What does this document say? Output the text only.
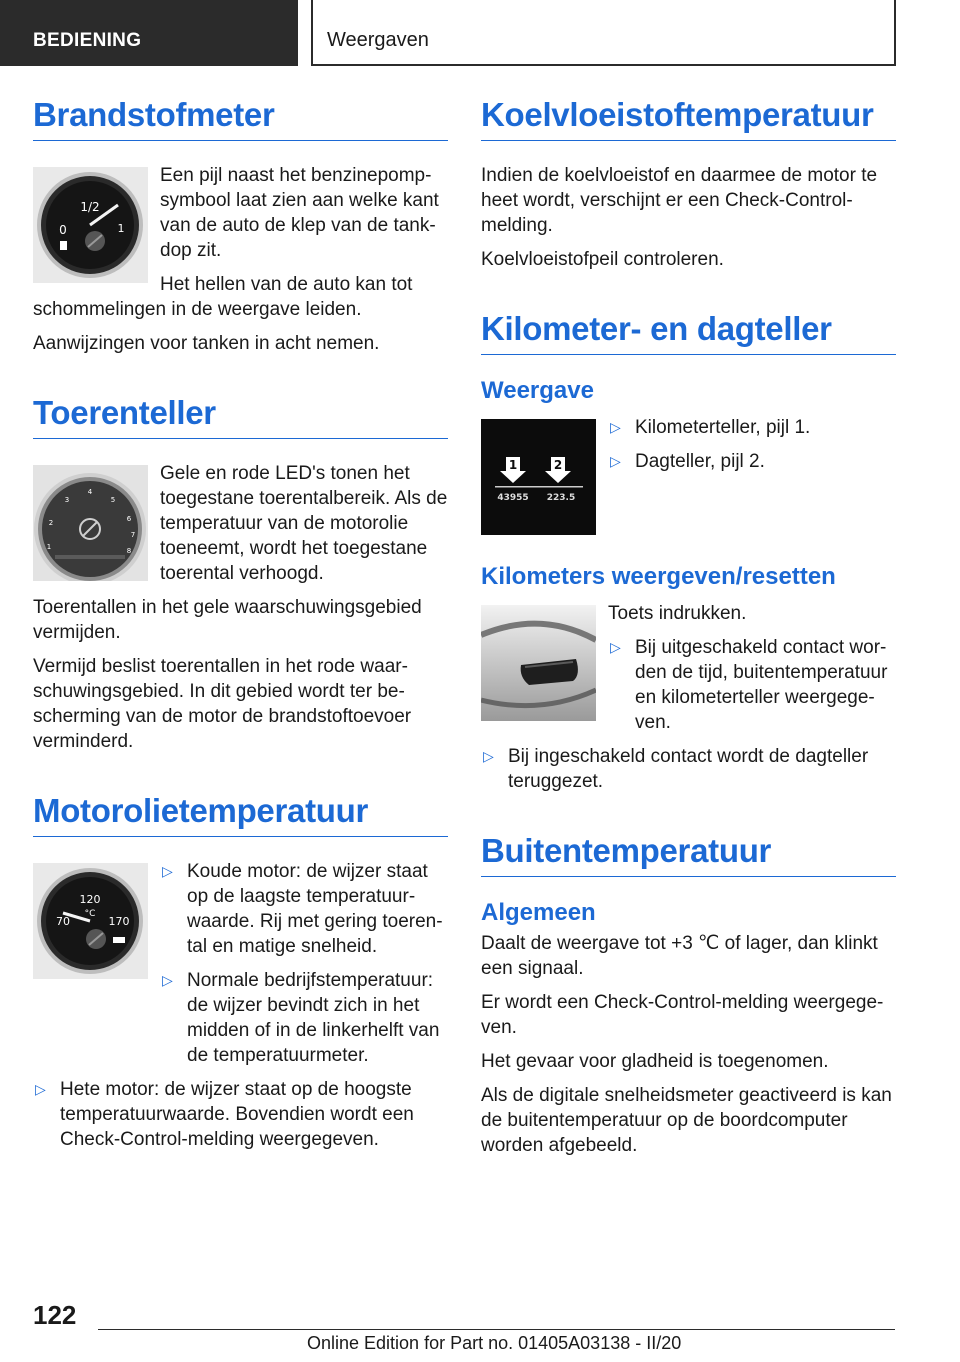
BEDIENING	Weergaven
Brandstofmeter
1/2
0	1

Een pijl naast het benzinepompsymbool laat zien aan welke kant van de auto de klep van de tankdop zit.

Het hellen van de auto kan tot schommelingen in de weergave leiden.

Aanwijzingen voor tanken in acht nemen.

Toerenteller
1
2
3
4
5
6
7
8

Gele en rode LED's tonen het toegestane toerentalbereik. Als de temperatuur van de motorolie toeneemt, wordt het toegestane toerental verhoogd.

Toerentallen in het gele waarschuwingsgebied vermijden.

Vermijd beslist toerentallen in het rode waarschuwingsgebied. In dit gebied wordt ter bescherming van de motor de brandstoftoevoer verminderd.

Motorolietemperatuur
120
°C
70	170
▷ Koude motor: de wijzer staat op de laagste temperatuurwaarde. Rij met gering toerental en matige snelheid.
▷ Normale bedrijfstemperatuur: de wijzer bevindt zich in het midden of in de linkerhelft van de temperatuurmeter.
▷ Hete motor: de wijzer staat op de hoogste temperatuurwaarde. Bovendien wordt een Check-Control-melding weergegeven.
Koelvloeistoftemperatuur

Indien de koelvloeistof en daarmee de motor te heet wordt, verschijnt er een Check-Control-melding.

Koelvloeistofpeil controleren.

Kilometer- en dagteller
Weergave
1	2
43955 223.5
▷ Kilometerteller, pijl 1.
▷ Dagteller, pijl 2.
Kilometers weergeven/resetten

Toets indrukken.

▷ Bij uitgeschakeld contact worden de tijd, buitentemperatuur en kilometerteller weergegeven.
▷ Bij ingeschakeld contact wordt de dagteller teruggezet.
Buitentemperatuur
Algemeen

Daalt de weergave tot +3 ℃ of lager, dan klinkt een signaal.

Er wordt een Check-Control-melding weergegeven.

Het gevaar voor gladheid is toegenomen.

Als de digitale snelheidsmeter geactiveerd is kan de buitentemperatuur op de boordcomputer worden afgebeeld.

122
Online Edition for Part no. 01405A03138 - II/20
